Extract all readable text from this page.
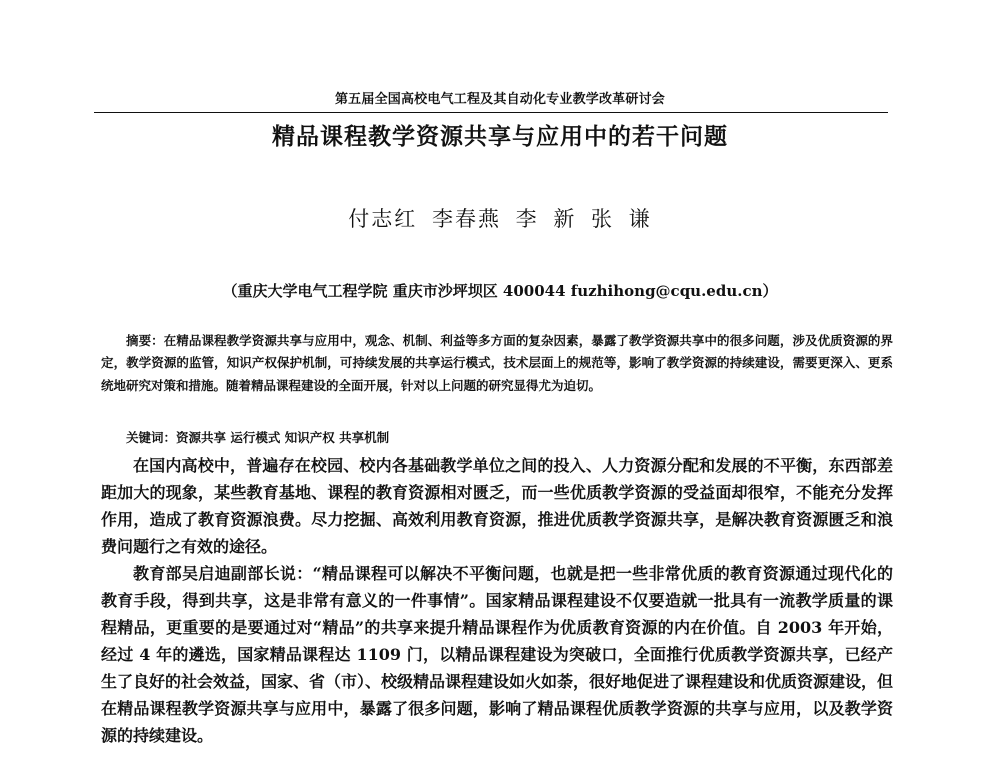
第五届全国高校电气工程及其自动化专业教学改革研讨会
精品课程教学资源共享与应用中的若干问题
付志红 李春燕 李 新 张 谦
（重庆大学电气工程学院 重庆市沙坪坝区 400044 fuzhihong@cqu.edu.cn）
摘要：在精品课程教学资源共享与应用中，观念、机制、利益等多方面的复杂因素，暴露了教学资源共享中的很多问题，涉及优质资源的界定，教学资源的监管，知识产权保护机制，可持续发展的共享运行模式，技术层面上的规范等，影响了教学资源的持续建设，需要更深入、更系统地研究对策和措施。随着精品课程建设的全面开展，针对以上问题的研究显得尤为迫切。
关键词：资源共享 运行模式 知识产权 共享机制

在国内高校中，普遍存在校园、校内各基础教学单位之间的投入、人力资源分配和发展的不平衡，东西部差距加大的现象，某些教育基地、课程的教育资源相对匮乏，而一些优质教学资源的受益面却很窄，不能充分发挥作用，造成了教育资源浪费。尽力挖掘、高效利用教育资源，推进优质教学资源共享，是解决教育资源匮乏和浪费问题行之有效的途径。

教育部吴启迪副部长说：“精品课程可以解决不平衡问题，也就是把一些非常优质的教育资源通过现代化的教育手段，得到共享，这是非常有意义的一件事情”。国家精品课程建设不仅要造就一批具有一流教学质量的课程精品，更重要的是要通过对“精品”的共享来提升精品课程作为优质教育资源的内在价值。自 2003 年开始，经过 4 年的遴选，国家精品课程达 1109 门，以精品课程建设为突破口，全面推行优质教学资源共享，已经产生了良好的社会效益，国家、省（市）、校级精品课程建设如火如荼，很好地促进了课程建设和优质资源建设，但在精品课程教学资源共享与应用中，暴露了很多问题，影响了精品课程优质教学资源的共享与应用，以及教学资源的持续建设。
